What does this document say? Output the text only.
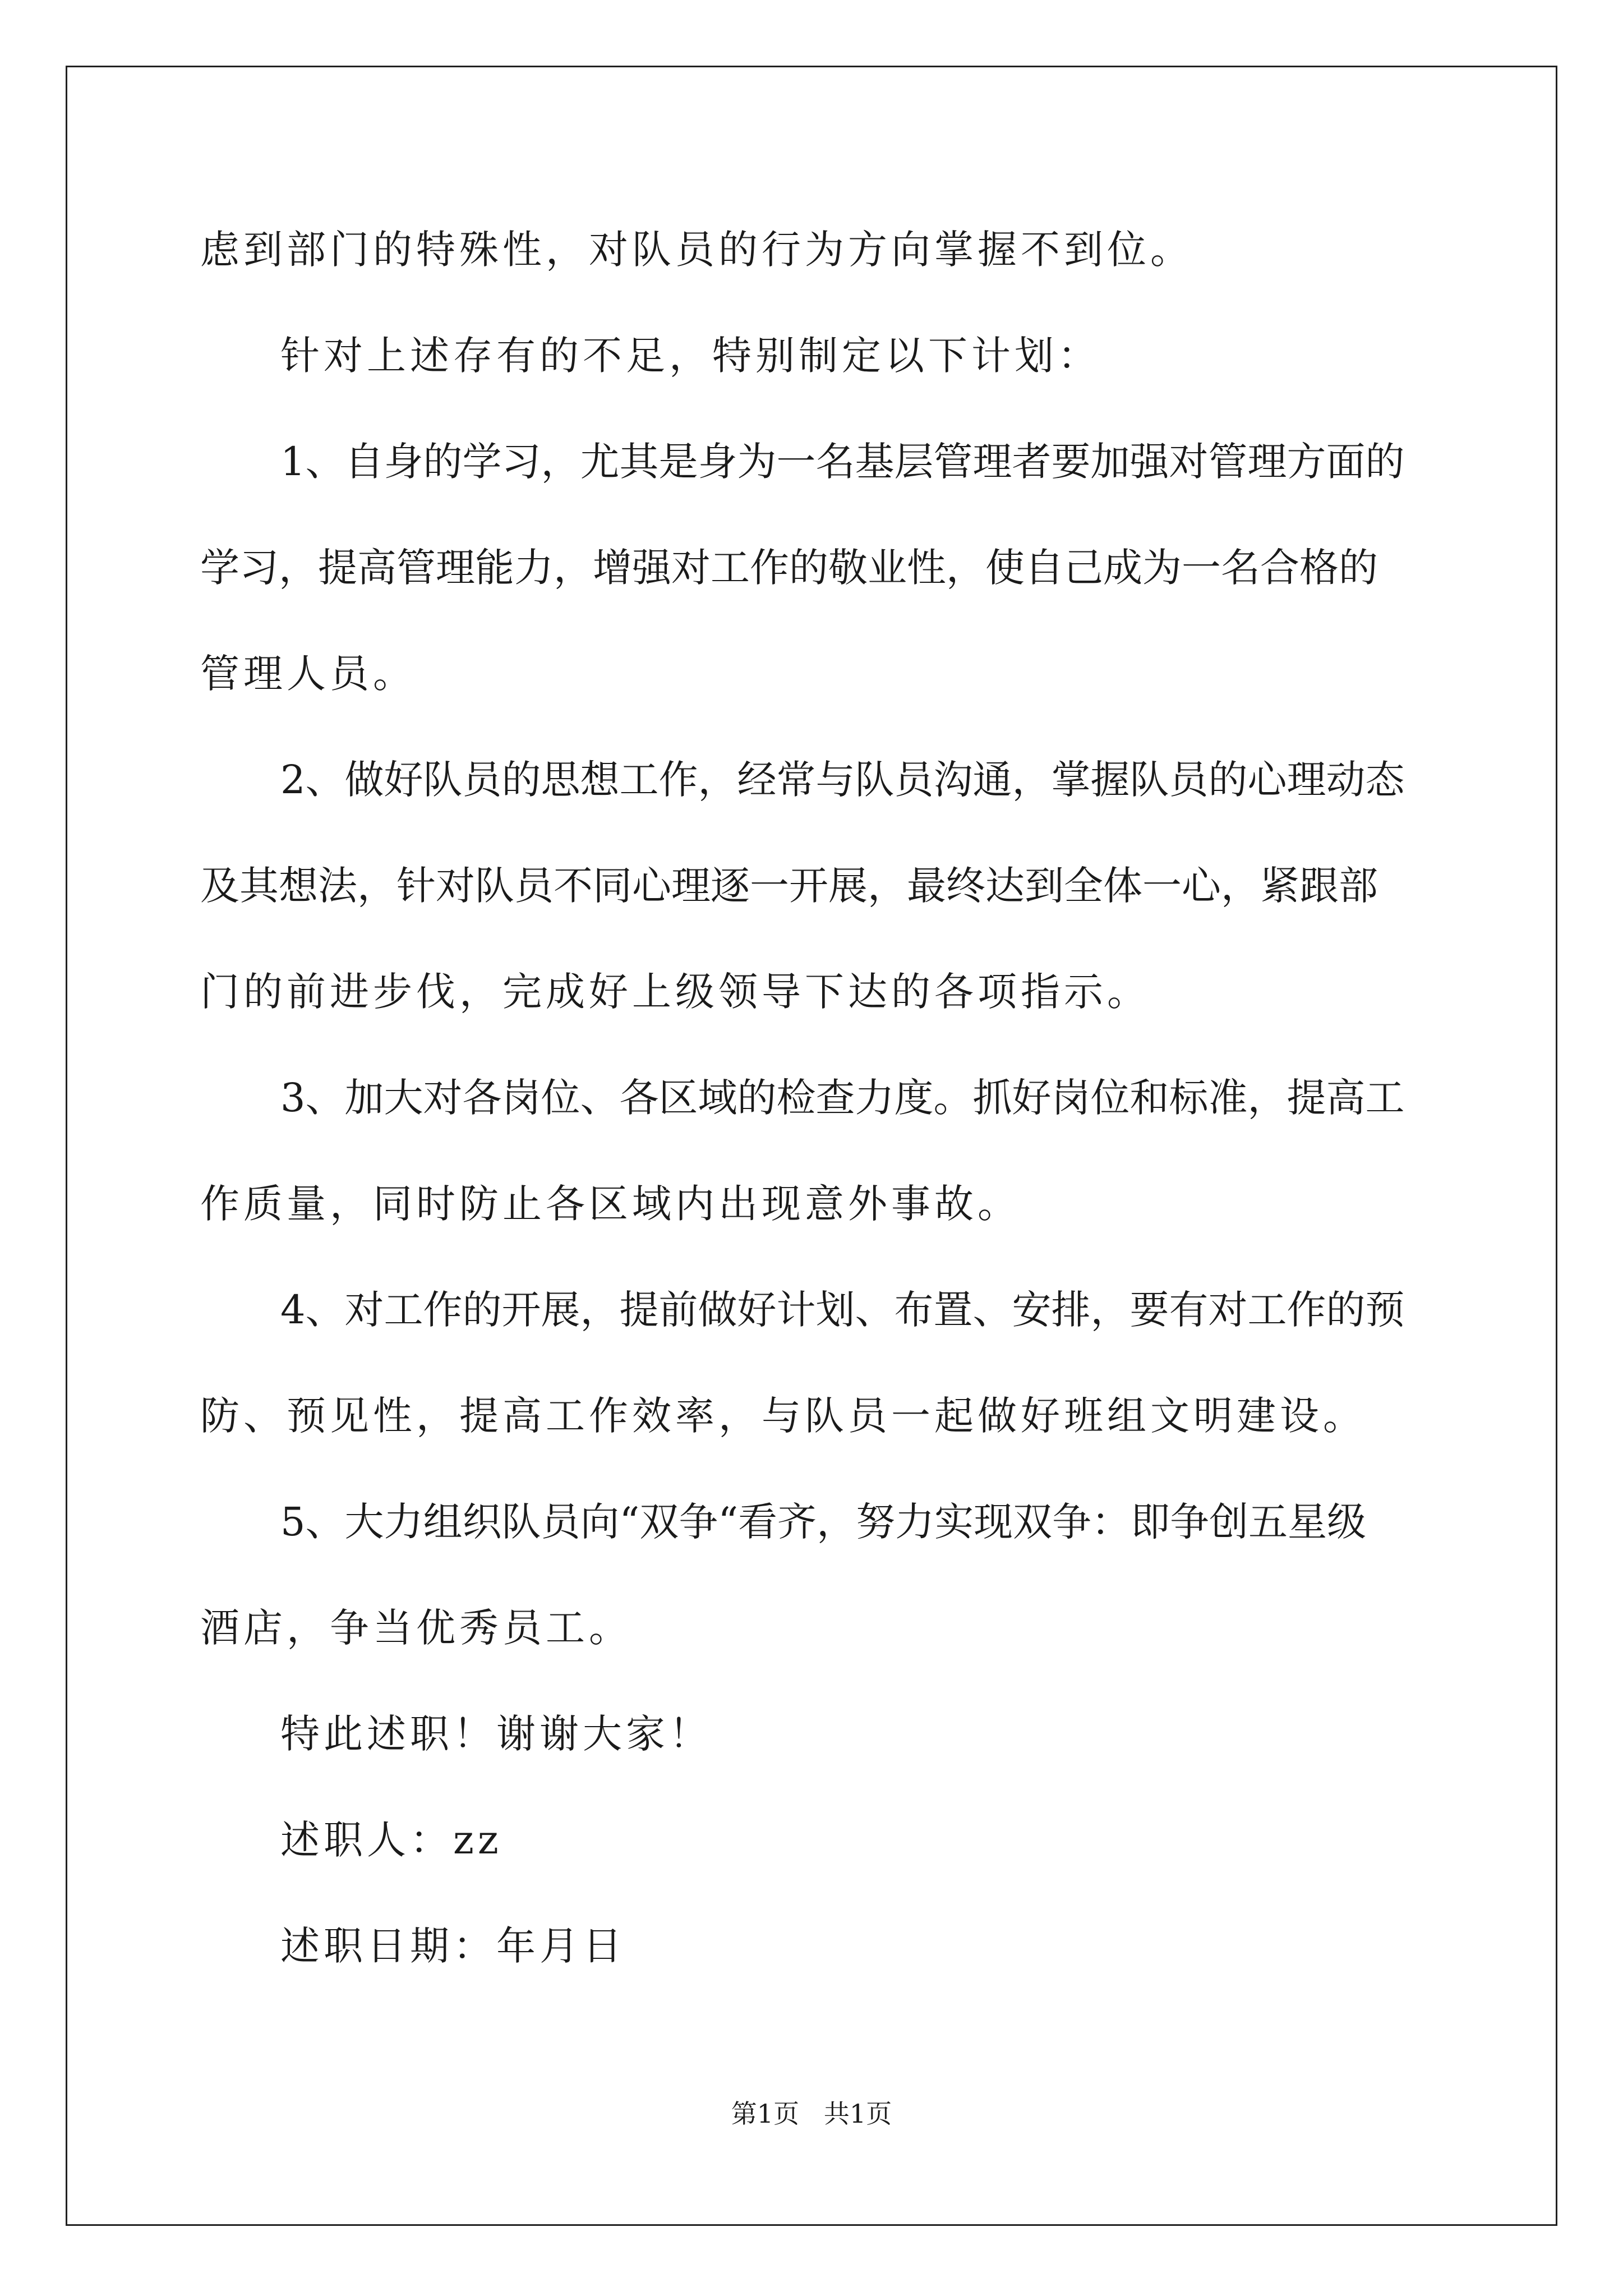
虑到部门的特殊性，对队员的行为方向掌握不到位。
针对上述存有的不足，特别制定以下计划：
1、自身的学习，尤其是身为一名基层管理者要加强对管理方面的
学习，提高管理能力，增强对工作的敬业性，使自己成为一名合格的
管理人员。
2、做好队员的思想工作，经常与队员沟通，掌握队员的心理动态
及其想法，针对队员不同心理逐一开展，最终达到全体一心，紧跟部
门的前进步伐，完成好上级领导下达的各项指示。
3、加大对各岗位、各区域的检查力度。抓好岗位和标准，提高工
作质量，同时防止各区域内出现意外事故。
4、对工作的开展，提前做好计划、布置、安排，要有对工作的预
防、预见性，提高工作效率，与队员一起做好班组文明建设。
5、大力组织队员向“双争“看齐，努力实现双争：即争创五星级
酒店，争当优秀员工。
特此述职！谢谢大家！
述职人：zz
述职日期：年月日
第1页   共1页
